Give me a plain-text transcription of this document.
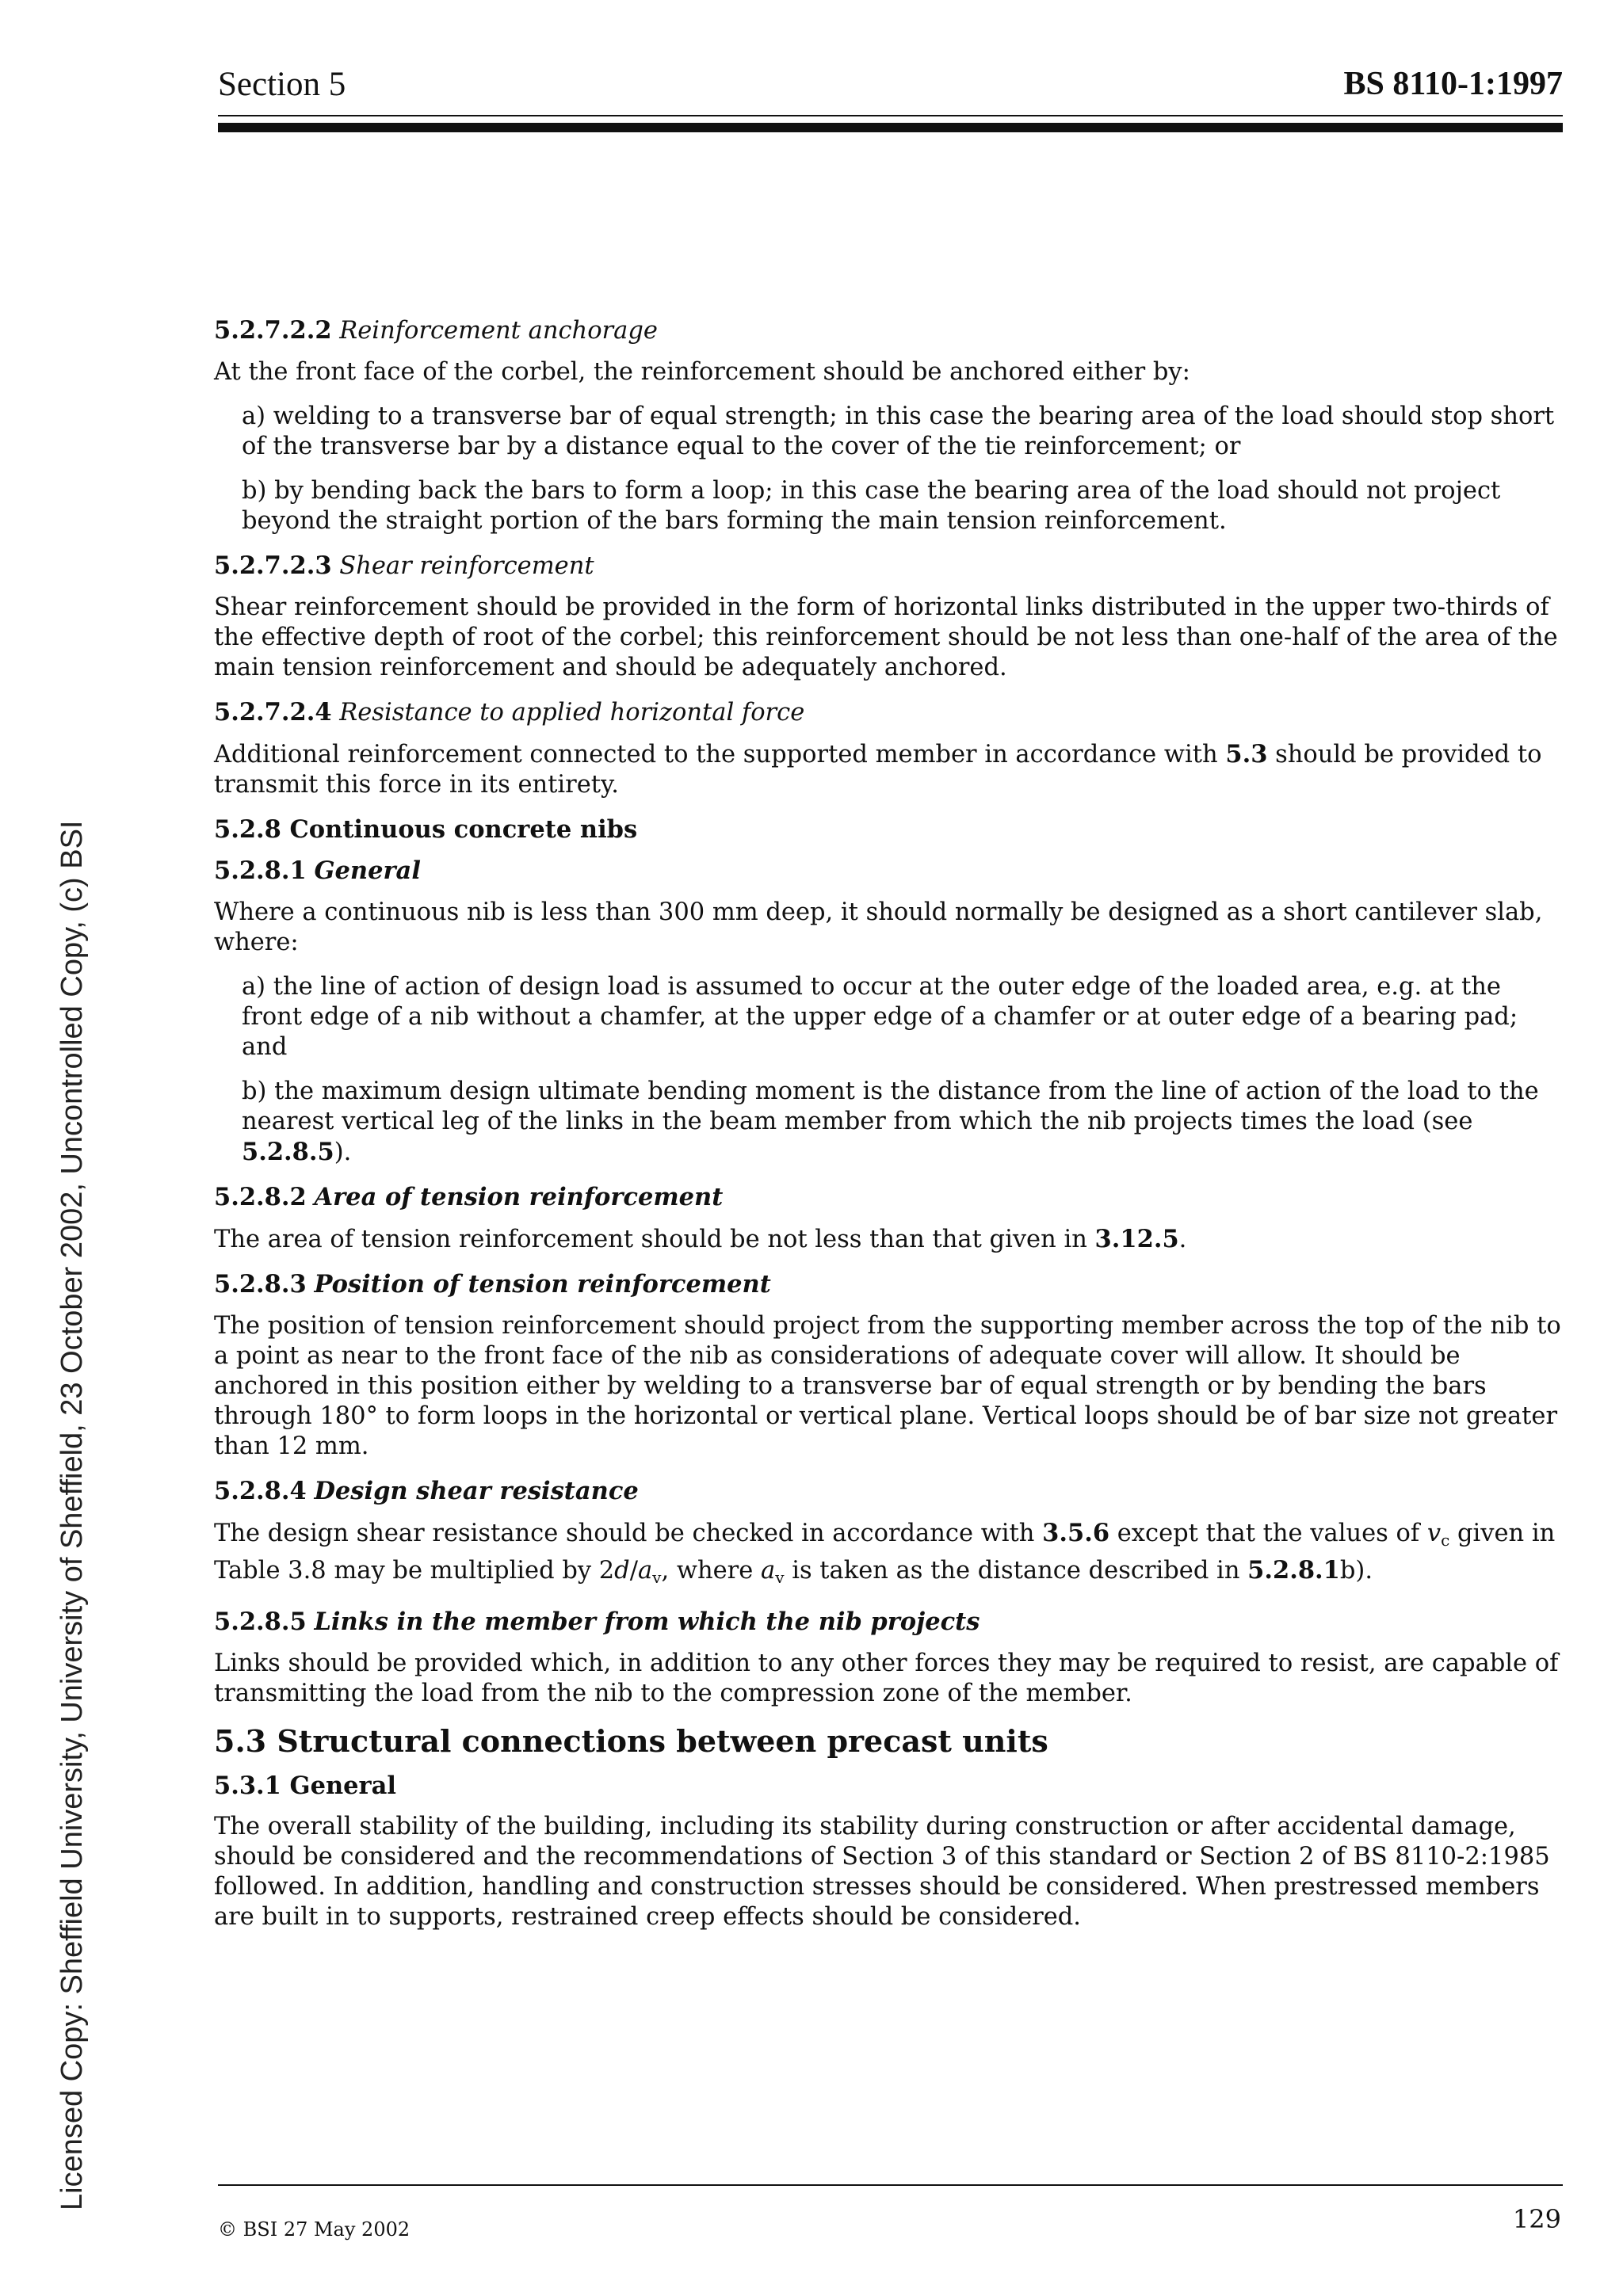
Section 5	BS 8110-1:1997
Licensed Copy: Sheffield University, University of Sheffield, 23 October 2002, Uncontrolled Copy, (c) BSI
5.2.7.2.2 Reinforcement anchorage
At the front face of the corbel, the reinforcement should be anchored either by:
a) welding to a transverse bar of equal strength; in this case the bearing area of the load should stop short of the transverse bar by a distance equal to the cover of the tie reinforcement; or
b) by bending back the bars to form a loop; in this case the bearing area of the load should not project beyond the straight portion of the bars forming the main tension reinforcement.
5.2.7.2.3 Shear reinforcement
Shear reinforcement should be provided in the form of horizontal links distributed in the upper two-thirds of the effective depth of root of the corbel; this reinforcement should be not less than one-half of the area of the main tension reinforcement and should be adequately anchored.
5.2.7.2.4 Resistance to applied horizontal force
Additional reinforcement connected to the supported member in accordance with 5.3 should be provided to transmit this force in its entirety.
5.2.8 Continuous concrete nibs
5.2.8.1 General
Where a continuous nib is less than 300 mm deep, it should normally be designed as a short cantilever slab, where:
a) the line of action of design load is assumed to occur at the outer edge of the loaded area, e.g. at the front edge of a nib without a chamfer, at the upper edge of a chamfer or at outer edge of a bearing pad; and
b) the maximum design ultimate bending moment is the distance from the line of action of the load to the nearest vertical leg of the links in the beam member from which the nib projects times the load (see 5.2.8.5).
5.2.8.2 Area of tension reinforcement
The area of tension reinforcement should be not less than that given in 3.12.5.
5.2.8.3 Position of tension reinforcement
The position of tension reinforcement should project from the supporting member across the top of the nib to a point as near to the front face of the nib as considerations of adequate cover will allow. It should be anchored in this position either by welding to a transverse bar of equal strength or by bending the bars through 180° to form loops in the horizontal or vertical plane. Vertical loops should be of bar size not greater than 12 mm.
5.2.8.4 Design shear resistance
The design shear resistance should be checked in accordance with 3.5.6 except that the values of $v_c$ given in Table 3.8 may be multiplied by $2d/a_v$, where $a_v$ is taken as the distance described in 5.2.8.1b).
5.2.8.5 Links in the member from which the nib projects
Links should be provided which, in addition to any other forces they may be required to resist, are capable of transmitting the load from the nib to the compression zone of the member.
5.3 Structural connections between precast units
5.3.1 General
The overall stability of the building, including its stability during construction or after accidental damage, should be considered and the recommendations of Section 3 of this standard or Section 2 of BS 8110-2:1985 followed. In addition, handling and construction stresses should be considered. When prestressed members are built in to supports, restrained creep effects should be considered.
© BSI 27 May 2002	129
